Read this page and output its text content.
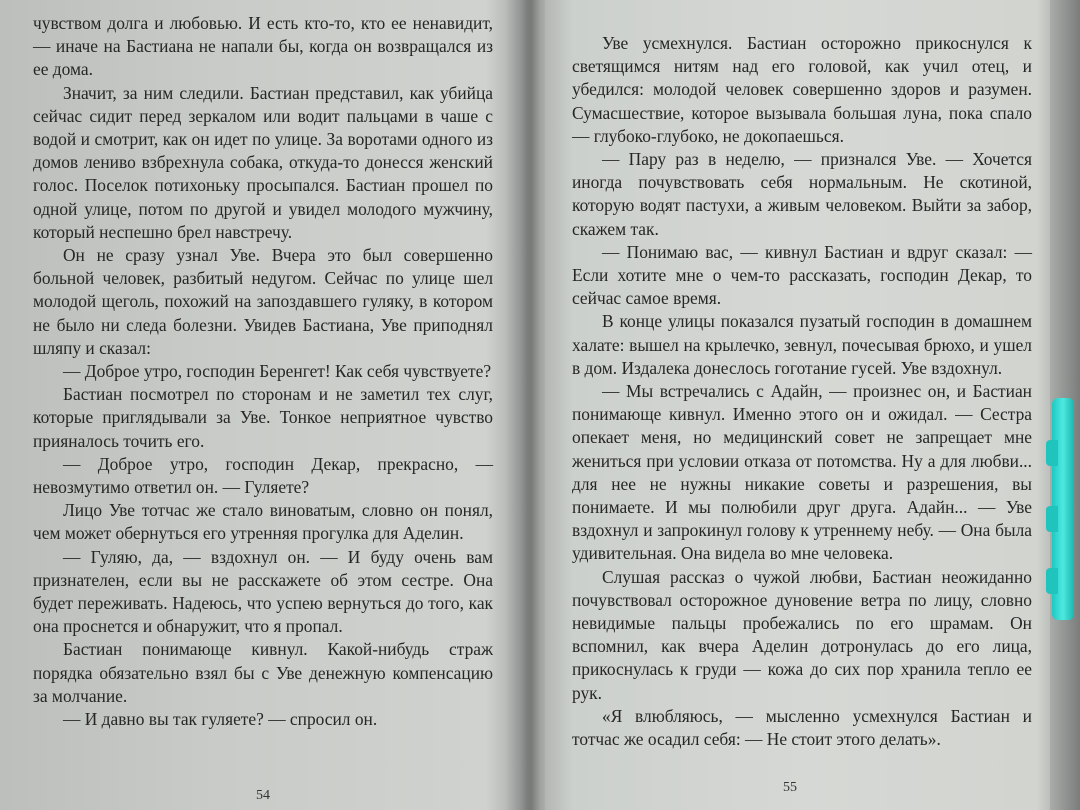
чувством долга и любовью. И есть кто-то, кто ее ненавидит, — иначе на Бастиана не напали бы, когда он возвращался из ее дома.

Значит, за ним следили. Бастиан представил, как убийца сейчас сидит перед зеркалом или водит пальцами в чаше с водой и смотрит, как он идет по улице. За воротами одного из домов лениво взбрехнула собака, откуда-то донесся женский голос. Поселок потихоньку просыпался. Бастиан прошел по одной улице, потом по другой и увидел молодого мужчину, который неспешно брел навстречу.

Он не сразу узнал Уве. Вчера это был совершенно больной человек, разбитый недугом. Сейчас по улице шел молодой щеголь, похожий на запоздавшего гуляку, в котором не было ни следа болезни. Увидев Бастиана, Уве приподнял шляпу и сказал:

— Доброе утро, господин Беренгет! Как себя чувствуете?

Бастиан посмотрел по сторонам и не заметил тех слуг, которые приглядывали за Уве. Тонкое неприятное чувство прияналось точить его.

— Доброе утро, господин Декар, прекрасно, — невозмутимо ответил он. — Гуляете?

Лицо Уве тотчас же стало виноватым, словно он понял, чем может обернуться его утренняя прогулка для Аделин.

— Гуляю, да, — вздохнул он. — И буду очень вам признателен, если вы не расскажете об этом сестре. Она будет переживать. Надеюсь, что успею вернуться до того, как она проснется и обнаружит, что я пропал.

Бастиан понимающе кивнул. Какой-нибудь страж порядка обязательно взял бы с Уве денежную компенсацию за молчание.

— И давно вы так гуляете? — спросил он.

54

Уве усмехнулся. Бастиан осторожно прикоснулся к светящимся нитям над его головой, как учил отец, и убедился: молодой человек совершенно здоров и разумен. Сумасшествие, которое вызывала большая луна, пока спало — глубоко-глубоко, не докопаешься.

— Пару раз в неделю, — признался Уве. — Хочется иногда почувствовать себя нормальным. Не скотиной, которую водят пастухи, а живым человеком. Выйти за забор, скажем так.

— Понимаю вас, — кивнул Бастиан и вдруг сказал: — Если хотите мне о чем-то рассказать, господин Декар, то сейчас самое время.

В конце улицы показался пузатый господин в домашнем халате: вышел на крылечко, зевнул, почесывая брюхо, и ушел в дом. Издалека донеслось гоготание гусей. Уве вздохнул.

— Мы встречались с Адайн, — произнес он, и Бастиан понимающе кивнул. Именно этого он и ожидал. — Сестра опекает меня, но медицинский совет не запрещает мне жениться при условии отказа от потомства. Ну а для любви... для нее не нужны никакие советы и разрешения, вы понимаете. И мы полюбили друг друга. Адайн... — Уве вздохнул и запрокинул голову к утреннему небу. — Она была удивительная. Она видела во мне человека.

Слушая рассказ о чужой любви, Бастиан неожиданно почувствовал осторожное дуновение ветра по лицу, словно невидимые пальцы пробежались по его шрамам. Он вспомнил, как вчера Аделин дотронулась до его лица, прикоснулась к груди — кожа до сих пор хранила тепло ее рук.

«Я влюбляюсь, — мысленно усмехнулся Бастиан и тотчас же осадил себя: — Не стоит этого делать».

55
